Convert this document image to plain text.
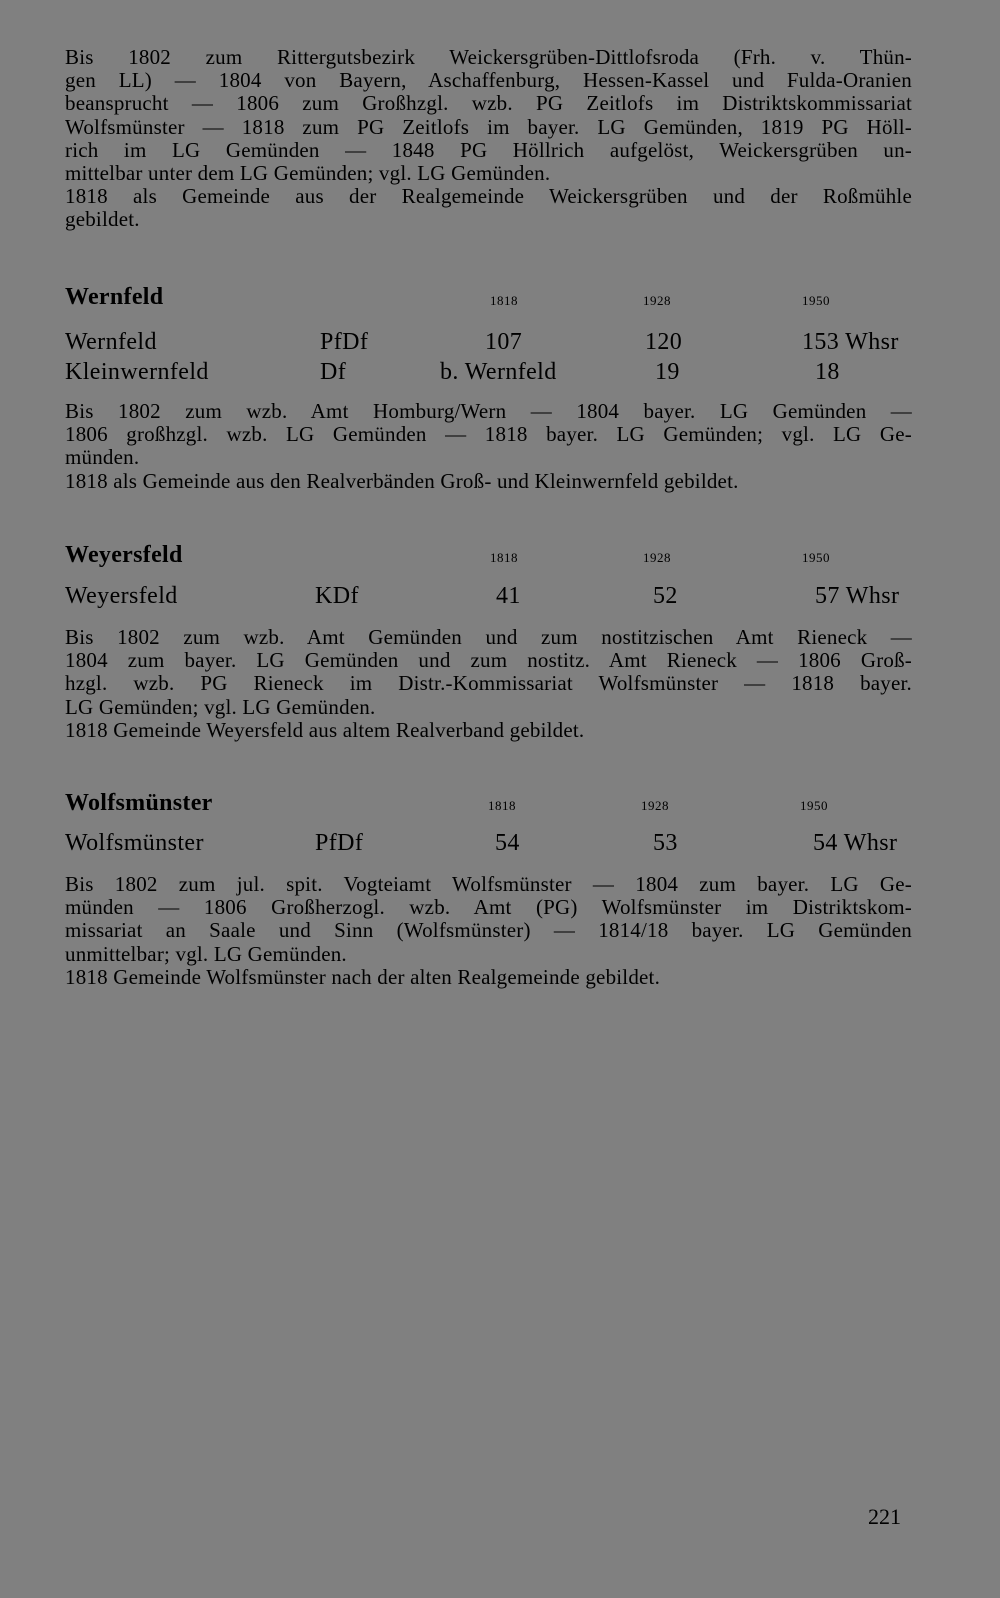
Bis 1802 zum Rittergutsbezirk Weickersgrüben-Dittlofsroda (Frh. v. Thün-
gen LL) — 1804 von Bayern, Aschaffenburg, Hessen-Kassel und Fulda-Oranien
beansprucht — 1806 zum Großhzgl. wzb. PG Zeitlofs im Distriktskommissariat
Wolfsmünster — 1818 zum PG Zeitlofs im bayer. LG Gemünden, 1819 PG Höll-
rich im LG Gemünden — 1848 PG Höllrich aufgelöst, Weickersgrüben un-
mittelbar unter dem LG Gemünden; vgl. LG Gemünden.
1818 als Gemeinde aus der Realgemeinde Weickersgrüben und der Roßmühle
gebildet.
Wernfeld	1818	1928	1950
Wernfeld	PfDf	107	120	153 Whsr
Kleinwernfeld	Df	b. Wernfeld	19	18
Bis 1802 zum wzb. Amt Homburg/Wern — 1804 bayer. LG Gemünden —
1806 großhzgl. wzb. LG Gemünden — 1818 bayer. LG Gemünden; vgl. LG Ge-
münden.
1818 als Gemeinde aus den Realverbänden Groß- und Kleinwernfeld gebildet.
Weyersfeld	1818	1928	1950
Weyersfeld	KDf	41	52	57 Whsr
Bis 1802 zum wzb. Amt Gemünden und zum nostitzischen Amt Rieneck —
1804 zum bayer. LG Gemünden und zum nostitz. Amt Rieneck — 1806 Groß-
hzgl. wzb. PG Rieneck im Distr.-Kommissariat Wolfsmünster — 1818 bayer.
LG Gemünden; vgl. LG Gemünden.
1818 Gemeinde Weyersfeld aus altem Realverband gebildet.
Wolfsmünster	1818	1928	1950
Wolfsmünster	PfDf	54	53	54 Whsr
Bis 1802 zum jul. spit. Vogteiamt Wolfsmünster — 1804 zum bayer. LG Ge-
münden — 1806 Großherzogl. wzb. Amt (PG) Wolfsmünster im Distriktskom-
missariat an Saale und Sinn (Wolfsmünster) — 1814/18 bayer. LG Gemünden
unmittelbar; vgl. LG Gemünden.
1818 Gemeinde Wolfsmünster nach der alten Realgemeinde gebildet.
221
